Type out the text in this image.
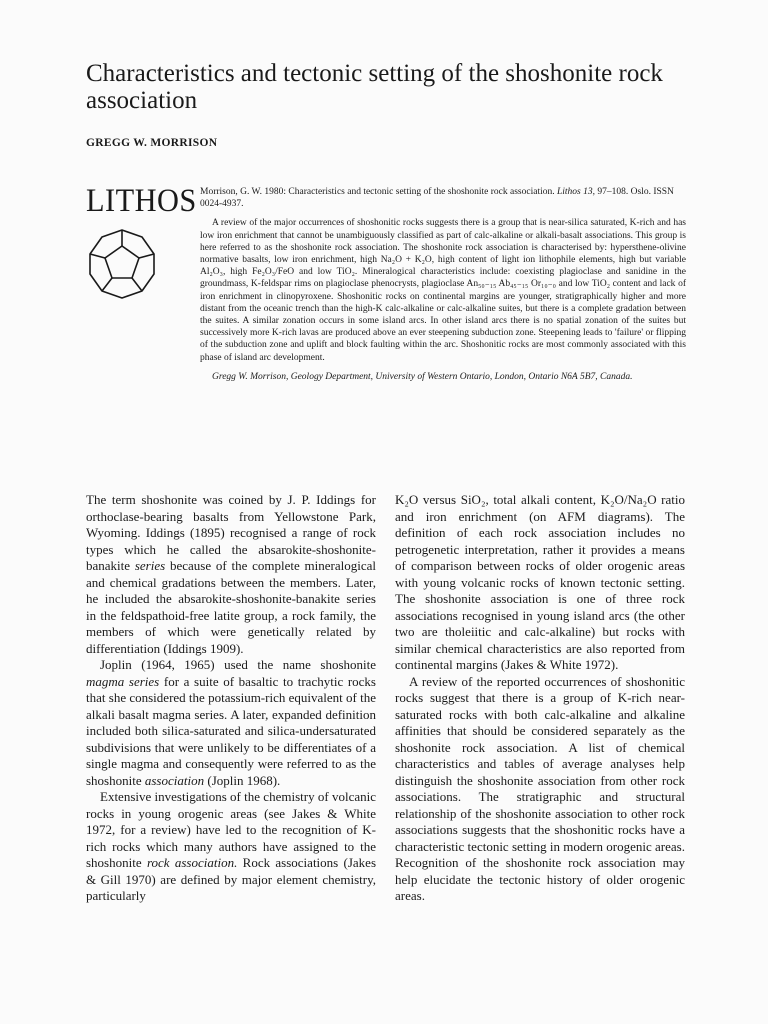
Characteristics and tectonic setting of the shoshonite rock association
GREGG W. MORRISON
LITHOS Morrison, G. W. 1980: Characteristics and tectonic setting of the shoshonite rock association. Lithos 13, 97–108. Oslo. ISSN 0024-4937.

A review of the major occurrences of shoshonitic rocks suggests there is a group that is near-silica saturated, K-rich and has low iron enrichment that cannot be unambiguously classified as part of calc-alkaline or alkali-basalt associations. This group is here referred to as the shoshonite rock association. The shoshonite rock association is characterised by: hypersthene-olivine normative basalts, low iron enrichment, high Na₂O + K₂O, high content of light ion lithophile elements, high but variable Al₂O₃, high Fe₂O₃/FeO and low TiO₂. Mineralogical characteristics include: coexisting plagioclase and sanidine in the groundmass, K-feldspar rims on plagioclase phenocrysts, plagioclase An₅₀₋₁₅ Ab₄₅₋₁₅ Or₁₀₋₀ and low TiO₂ content and lack of iron enrichment in clinopyroxene. Shoshonitic rocks on continental margins are younger, stratigraphically higher and more distant from the oceanic trench than the high-K calc-alkaline or calc-alkaline suites, but there is a complete gradation between the suites. A similar zonation occurs in some island arcs. In other island arcs there is no spatial zonation of the suites but successively more K-rich lavas are produced above an ever steepening subduction zone. Steepening leads to 'failure' or flipping of the subduction zone and uplift and block faulting within the arc. Shoshonitic rocks are most commonly associated with this phase of island arc development.

Gregg W. Morrison, Geology Department, University of Western Ontario, London, Ontario N6A 5B7, Canada.

The term shoshonite was coined by J. P. Iddings for orthoclase-bearing basalts from Yellowstone Park, Wyoming. Iddings (1895) recognised a range of rock types which he called the absarokite-shoshonite-banakite series because of the complete mineralogical and chemical gradations between the members. Later, he included the absarokite-shoshonite-banakite series in the feldspathoid-free latite group, a rock family, the members of which were genetically related by differentiation (Iddings 1909).

Joplin (1964, 1965) used the name shoshonite magma series for a suite of basaltic to trachytic rocks that she considered the potassium-rich equivalent of the alkali basalt magma series. A later, expanded definition included both silica-saturated and silica-undersaturated subdivisions that were unlikely to be differentiates of a single magma and consequently were referred to as the shoshonite association (Joplin 1968).

Extensive investigations of the chemistry of volcanic rocks in young orogenic areas (see Jakes & White 1972, for a review) have led to the recognition of K-rich rocks which many authors have assigned to the shoshonite rock association. Rock associations (Jakes & Gill 1970) are defined by major element chemistry, particularly

K₂O versus SiO₂, total alkali content, K₂O/Na₂O ratio and iron enrichment (on AFM diagrams). The definition of each rock association includes no petrogenetic interpretation, rather it provides a means of comparison between rocks of older orogenic areas with young volcanic rocks of known tectonic setting. The shoshonite association is one of three rock associations recognised in young island arcs (the other two are tholeiitic and calc-alkaline) but rocks with similar chemical characteristics are also reported from continental margins (Jakes & White 1972).

A review of the reported occurrences of shoshonitic rocks suggest that there is a group of K-rich near-saturated rocks with both calc-alkaline and alkaline affinities that should be considered separately as the shoshonite rock association. A list of chemical characteristics and tables of average analyses help distinguish the shoshonite association from other rock associations. The stratigraphic and structural relationship of the shoshonite association to other rock associations suggests that the shoshonitic rocks have a characteristic tectonic setting in modern orogenic areas. Recognition of the shoshonite rock association may help elucidate the tectonic history of older orogenic areas.
